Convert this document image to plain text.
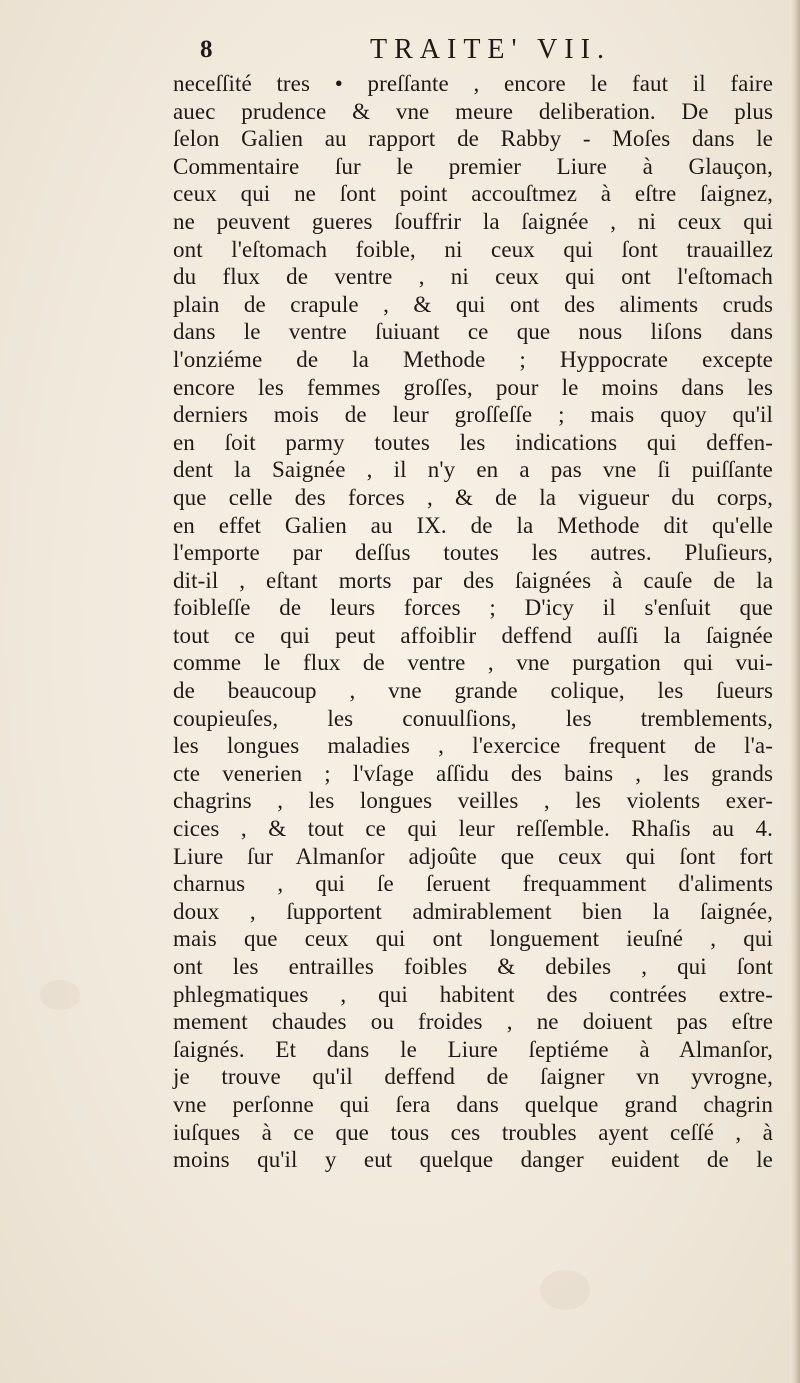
8	TRAITE' VII.
neceſſité tres • preſſante , encore le faut il faire
auec prudence & vne meure deliberation. De plus
ſelon Galien au rapport de Rabby - Moſes dans le
Commentaire ſur le premier Liure à Glauçon,
ceux qui ne ſont point accouſtmez à eſtre ſaignez,
ne peuvent gueres ſouffrir la ſaignée , ni ceux qui
ont l'eſtomach foible, ni ceux qui ſont trauaillez
du flux de ventre , ni ceux qui ont l'eſtomach
plain de crapule , & qui ont des aliments cruds
dans le ventre ſuiuant ce que nous liſons dans
l'onziéme de la Methode ; Hyppocrate excepte
encore les femmes groſſes, pour le moins dans les
derniers mois de leur groſſeſſe ; mais quoy qu'il
en ſoit parmy toutes les indications qui deffen-
dent la Saignée , il n'y en a pas vne ſi puiſſante
que celle des forces , & de la vigueur du corps,
en effet Galien au IX. de la Methode dit qu'elle
l'emporte par deſſus toutes les autres. Pluſieurs,
dit-il , eſtant morts par des ſaignées à cauſe de la
foibleſſe de leurs forces ; D'icy il s'enſuit que
tout ce qui peut affoiblir deffend auſſi la ſaignée
comme le flux de ventre , vne purgation qui vui-
de beaucoup , vne grande colique, les ſueurs
coupieuſes, les conuulſions, les tremblements,
les longues maladies , l'exercice frequent de l'a-
cte venerien ; l'vſage aſſidu des bains , les grands
chagrins , les longues veilles , les violents exer-
cices , & tout ce qui leur reſſemble. Rhaſis au 4.
Liure ſur Almanſor adjoûte que ceux qui ſont fort
charnus , qui ſe ſeruent frequamment d'aliments
doux , ſupportent admirablement bien la ſaignée,
mais que ceux qui ont longuement ieuſné , qui
ont les entrailles foibles & debiles , qui ſont
phlegmatiques , qui habitent des contrées extre-
mement chaudes ou froides , ne doiuent pas eſtre
ſaignés. Et dans le Liure ſeptiéme à Almanſor,
je trouve qu'il deffend de ſaigner vn yvrogne,
vne perſonne qui ſera dans quelque grand chagrin
iuſques à ce que tous ces troubles ayent ceſſé , à
moins qu'il y eut quelque danger euident de le
